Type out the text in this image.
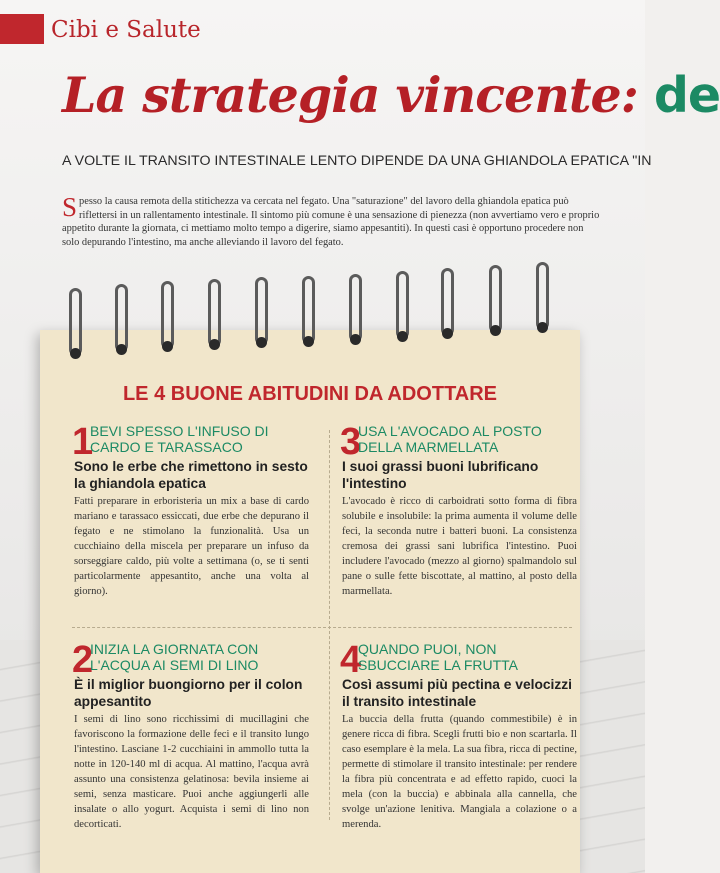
Cibi e Salute
La strategia vincente: de
A VOLTE IL TRANSITO INTESTINALE LENTO DIPENDE DA UNA GHIANDOLA EPATICA "IN
S pesso la causa remota della stitichezza va cercata nel fegato. Una "saturazione" del lavoro della ghiandola epatica può riflettersi in un rallentamento intestinale. Il sintomo più comune è una sensazione di pienezza (non avvertiamo vero e proprio appetito durante la giornata, ci mettiamo molto tempo a digerire, siamo appesantiti). In questi casi è opportuno procedere non solo depurando l'intestino, ma anche alleviando il lavoro del fegato.
LE 4 BUONE ABITUDINI DA ADOTTARE
1
BEVI SPESSO L'INFUSO DI CARDO E TARASSACO
Sono le erbe che rimettono in sesto la ghiandola epatica
Fatti preparare in erboristeria un mix a base di cardo mariano e tarassaco essiccati, due erbe che depurano il fegato e ne stimolano la funzionalità. Usa un cucchiaino della miscela per preparare un infuso da sorseggiare caldo, più volte a settimana (o, se ti senti particolarmente appesantito, anche una volta al giorno).
3
USA L'AVOCADO AL POSTO DELLA MARMELLATA
I suoi grassi buoni lubrificano l'intestino
L'avocado è ricco di carboidrati sotto forma di fibra solubile e insolubile: la prima aumenta il volume delle feci, la seconda nutre i batteri buoni. La consistenza cremosa dei grassi sani lubrifica l'intestino. Puoi includere l'avocado (mezzo al giorno) spalmandolo sul pane o sulle fette biscottate, al mattino, al posto della marmellata.
2
INIZIA LA GIORNATA CON L'ACQUA AI SEMI DI LINO
È il miglior buongiorno per il colon appesantito
I semi di lino sono ricchissimi di mucillagini che favoriscono la formazione delle feci e il transito lungo l'intestino. Lasciane 1-2 cucchiaini in ammollo tutta la notte in 120-140 ml di acqua. Al mattino, l'acqua avrà assunto una consistenza gelatinosa: bevila insieme ai semi, senza masticare. Puoi anche aggiungerli alle insalate o allo yogurt. Acquista i semi di lino non decorticati.
4
QUANDO PUOI, NON SBUCCIARE LA FRUTTA
Così assumi più pectina e velocizzi il transito intestinale
La buccia della frutta (quando commestibile) è in genere ricca di fibra. Scegli frutti bio e non scartarla. Il caso esemplare è la mela. La sua fibra, ricca di pectine, permette di stimolare il transito intestinale: per rendere la fibra più concentrata e ad effetto rapido, cuoci la mela (con la buccia) e abbinala alla cannella, che svolge un'azione lenitiva. Mangiala a colazione o a merenda.
